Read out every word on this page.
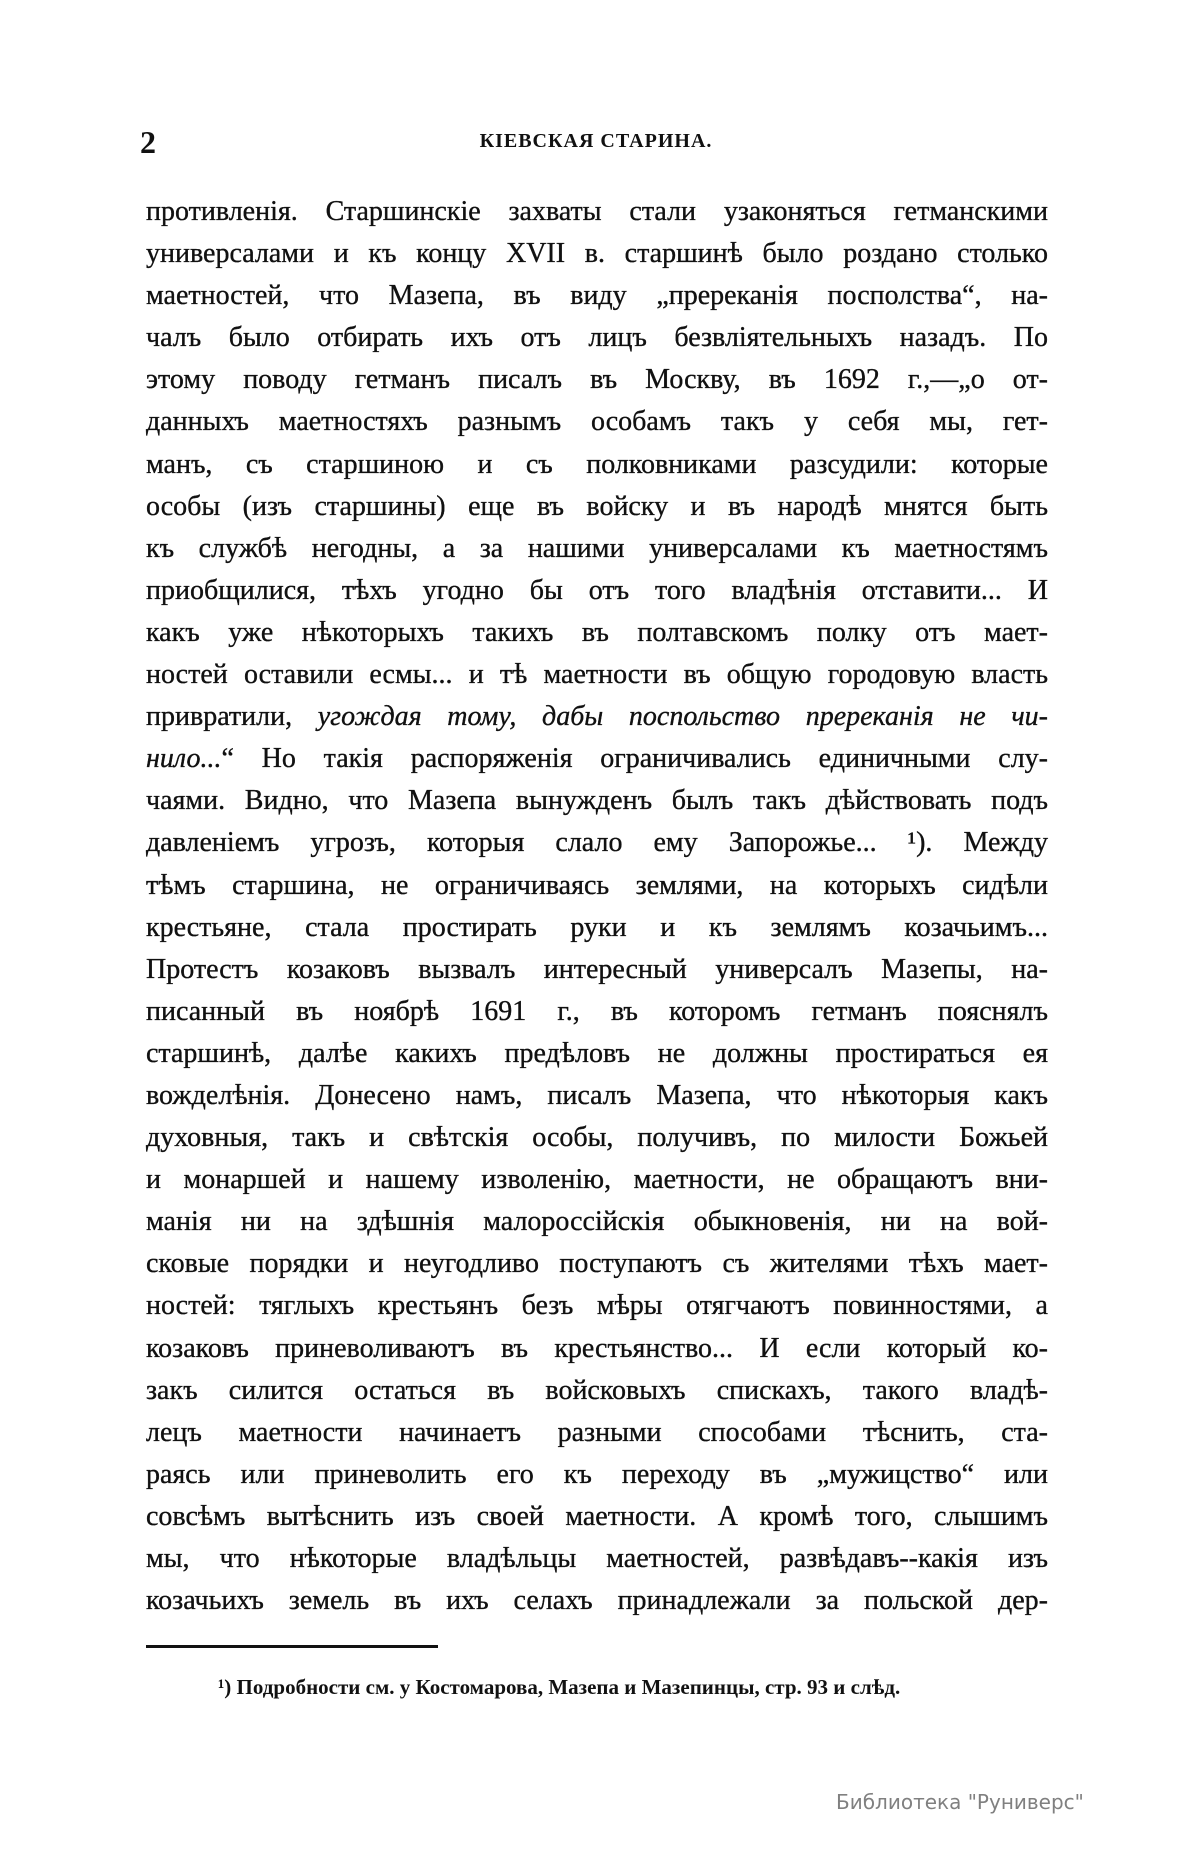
2	КІЕВСКАЯ СТАРИНА.
противленія. Старшинскіе захваты стали узаконяться гетманскими
универсалами и къ концу XVII в. старшинѣ было роздано столько
маетностей, что Мазепа, въ виду „пререканія посполства“, на-
чалъ было отбирать ихъ отъ лицъ безвліятельныхъ назадъ. По
этому поводу гетманъ писалъ въ Москву, въ 1692 г.,—„о от-
данныхъ маетностяхъ разнымъ особамъ такъ у себя мы, гет-
манъ, съ старшиною и съ полковниками разсудили: которые
особы (изъ старшины) еще въ войску и въ народѣ мнятся быть
къ службѣ негодны, а за нашими универсалами къ маетностямъ
приобщилися, тѣхъ угодно бы отъ того владѣнія отставити... И
какъ уже нѣкоторыхъ такихъ въ полтавскомъ полку отъ мает-
ностей оставили есмы... и тѣ маетности въ общую городовую власть
привратили, угождая тому, дабы поспольство пререканія не чи-
нило...“ Но такія распоряженія ограничивались единичными слу-
чаями. Видно, что Мазепа вынужденъ былъ такъ дѣйствовать подъ
давленіемъ угрозъ, которыя слало ему Запорожье... ¹). Между
тѣмъ старшина, не ограничиваясь землями, на которыхъ сидѣли
крестьяне, стала простирать руки и къ землямъ козачьимъ...
Протестъ козаковъ вызвалъ интересный универсалъ Мазепы, на-
писанный въ ноябрѣ 1691 г., въ которомъ гетманъ пояснялъ
старшинѣ, далѣе какихъ предѣловъ не должны простираться ея
вожделѣнія. Донесено намъ, писалъ Мазепа, что нѣкоторыя какъ
духовныя, такъ и свѣтскія особы, получивъ, по милости Божьей
и монаршей и нашему изволенію, маетности, не обращаютъ вни-
манія ни на здѣшнія малороссійскія обыкновенія, ни на вой-
сковые порядки и неугодливо поступаютъ съ жителями тѣхъ мает-
ностей: тяглыхъ крестьянъ безъ мѣры отягчаютъ повинностями, а
козаковъ приневоливаютъ въ крестьянство... И если который ко-
закъ силится остаться въ войсковыхъ спискахъ, такого владѣ-
лецъ маетности начинаетъ разными способами тѣснить, ста-
раясь или приневолить его къ переходу въ „мужицство“ или
совсѣмъ вытѣснить изъ своей маетности. А кромѣ того, слышимъ
мы, что нѣкоторые владѣльцы маетностей, развѣдавъ--какія изъ
козачьихъ земель въ ихъ селахъ принадлежали за польской дер-
¹) Подробности см. у Костомарова, Мазепа и Мазепинцы, стр. 93 и слѣд.
Библиотека "Руниверс"
